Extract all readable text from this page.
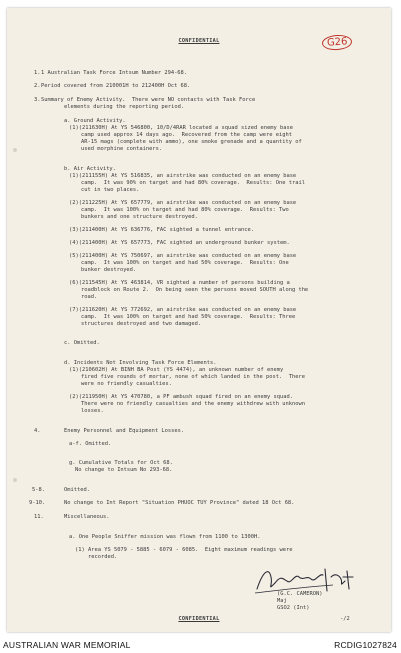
CONFIDENTIAL	G26
1. 1 Australian Task Force Intsum Number 294-68.
2. Period covered from 210001H to 212400H Oct 68.
3. Summary of Enemy Activity.  There were NO contacts with Task Force
elements during the reporting period.
a. Ground Activity.
(1)(211630H) At YS 546800, 10/D/4RAR located a squad sized enemy base
camp used approx 14 days ago.  Recovered from the camp were eight
AR-15 mags (complete with ammo), one smoke grenade and a quantity of
used morphine containers.
b. Air Activity.
(1)(211155H) At YS 516835, an airstrike was conducted on an enemy base
camp.  It was 90% on target and had 80% coverage.  Results: One trail
cut in two places.
(2)(211225H) At YS 657779, an airstrike was conducted on an enemy base
camp.  It was 100% on target and had 80% coverage.  Results: Two
bunkers and one structure destroyed.
(3)(211400H) At YS 636776, FAC sighted a tunnel entrance.
(4)(211400H) At YS 657773, FAC sighted an underground bunker system.
(5)(211400H) At YS 750697, an airstrike was conducted on an enemy base
camp.  It was 100% on target and had 50% coverage.  Results: One
bunker destroyed.
(6)(211545H) At YS 463814, VR sighted a number of persons building a
roadblock on Route 2.  On being seen the persons moved SOUTH along the
road.
(7)(211620H) At YS 772692, an airstrike was conducted on an enemy base
camp.  It was 100% on target and had 50% coverage.  Results: Three
structures destroyed and two damaged.
c. Omitted.
d. Incidents Not Involving Task Force Elements.
(1)(210602H) At BINH BA Post (YS 4474), an unknown number of enemy
fired five rounds of mortar, none of which landed in the post.  There
were no friendly casualties.
(2)(211950H) At YS 470780, a PF ambush squad fired on an enemy squad.
There were no friendly casualties and the enemy withdrew with unknown
losses.
4.	Enemy Personnel and Equipment Losses.
a-f. Omitted.
g. Cumulative Totals for Oct 68.
No change to Intsum No 293-68.
5-8.	Omitted.
9-10.	No change to Int Report "Situation PHUOC TUY Province" dated 18 Oct 68.
11.	Miscellaneous.
a. One People Sniffer mission was flown from 1100 to 1300H.
(1) Area YS 5079 - 5885 - 6079 - 6085.  Eight maximum readings were
recorded.
(G.C. CAMERON)
Maj
GSO2 (Int)
CONFIDENTIAL	-/2
AUSTRALIAN WAR MEMORIAL	RCDIG1027824
